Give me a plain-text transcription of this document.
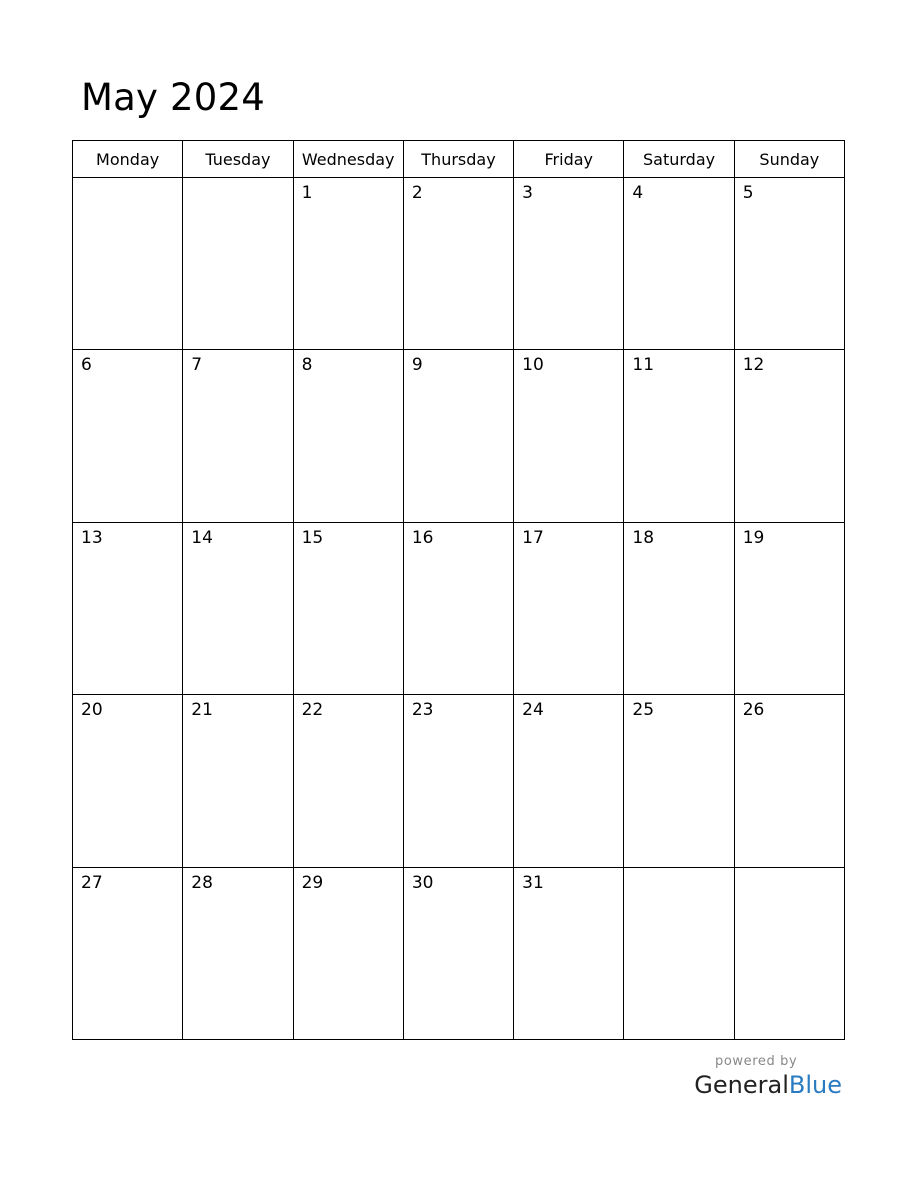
May 2024
Monday	Tuesday	Wednesday	Thursday	Friday	Saturday	Sunday

		1	2	3	4	5

6	7	8	9	10	11	12

13	14	15	16	17	18	19

20	21	22	23	24	25	26

27	28	29	30	31		

powered by
GeneralBlue
